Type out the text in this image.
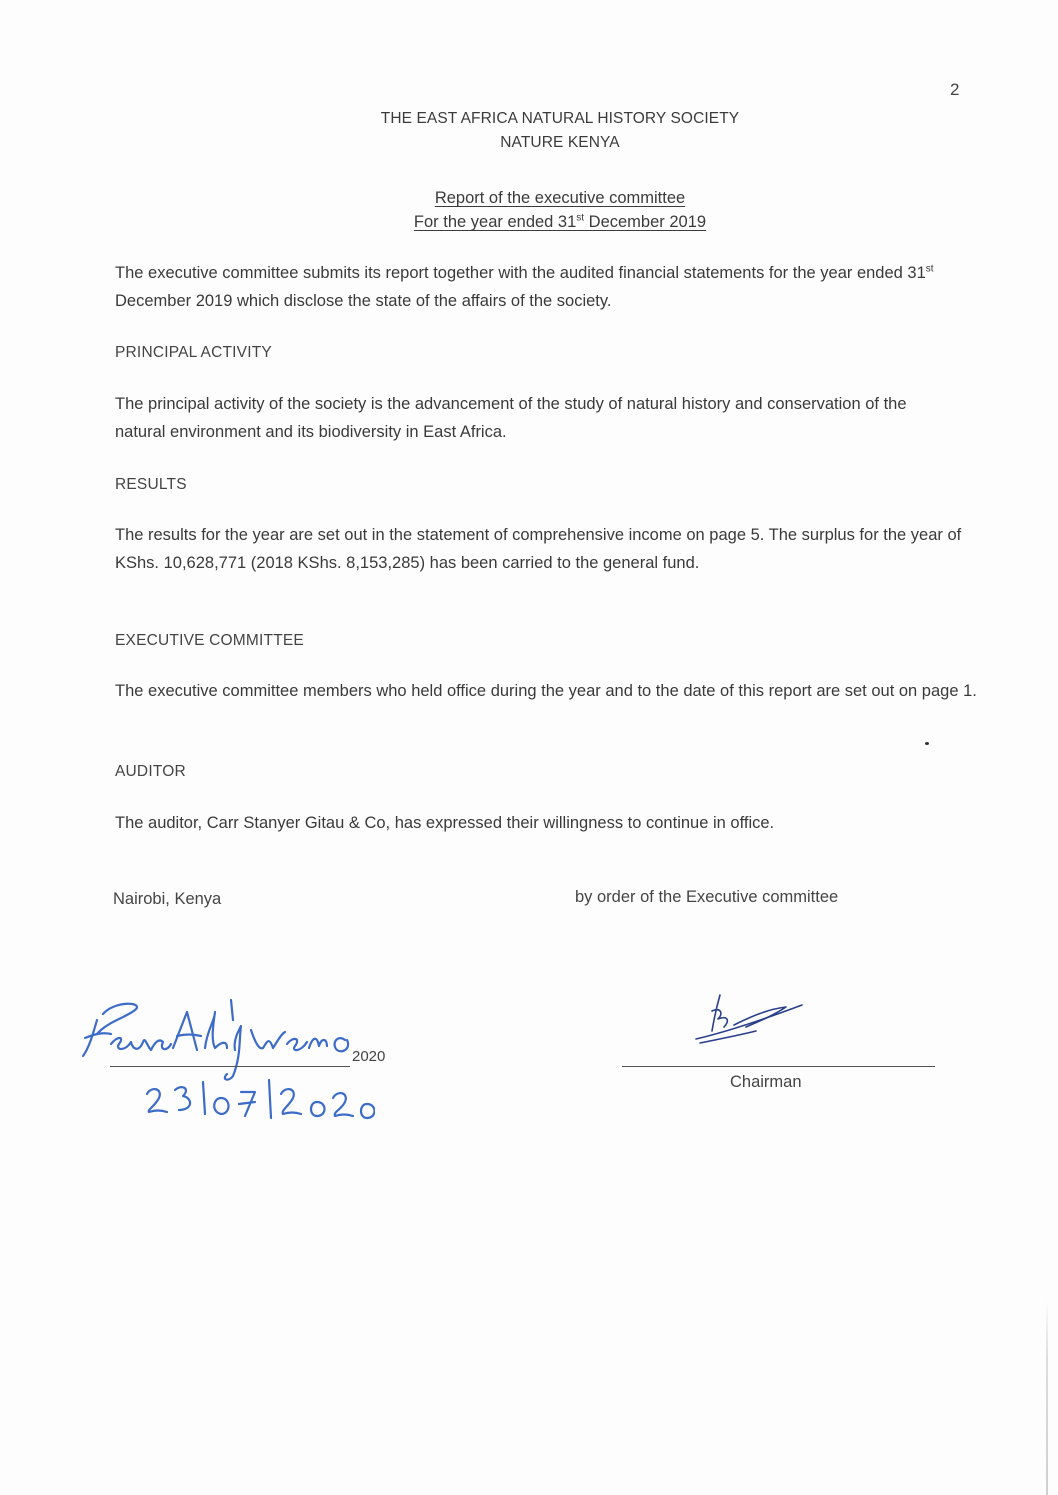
2
THE EAST AFRICA NATURAL HISTORY SOCIETY
NATURE KENYA
Report of the executive committee
For the year ended 31st December 2019
The executive committee submits its report together with the audited financial statements for the year ended 31st December 2019 which disclose the state of the affairs of the society.
PRINCIPAL ACTIVITY
The principal activity of the society is the advancement of the study of natural history and conservation of the natural environment and its biodiversity in East Africa.
RESULTS
The results for the year are set out in the statement of comprehensive income on page 5. The surplus for the year of KShs. 10,628,771 (2018 KShs. 8,153,285) has been carried to the general fund.
EXECUTIVE COMMITTEE
The executive committee members who held office during the year and to the date of this report are set out on page 1.
AUDITOR
The auditor, Carr Stanyer Gitau & Co, has expressed their willingness to continue in office.
Nairobi, Kenya	by order of the Executive committee
2020
Chairman
